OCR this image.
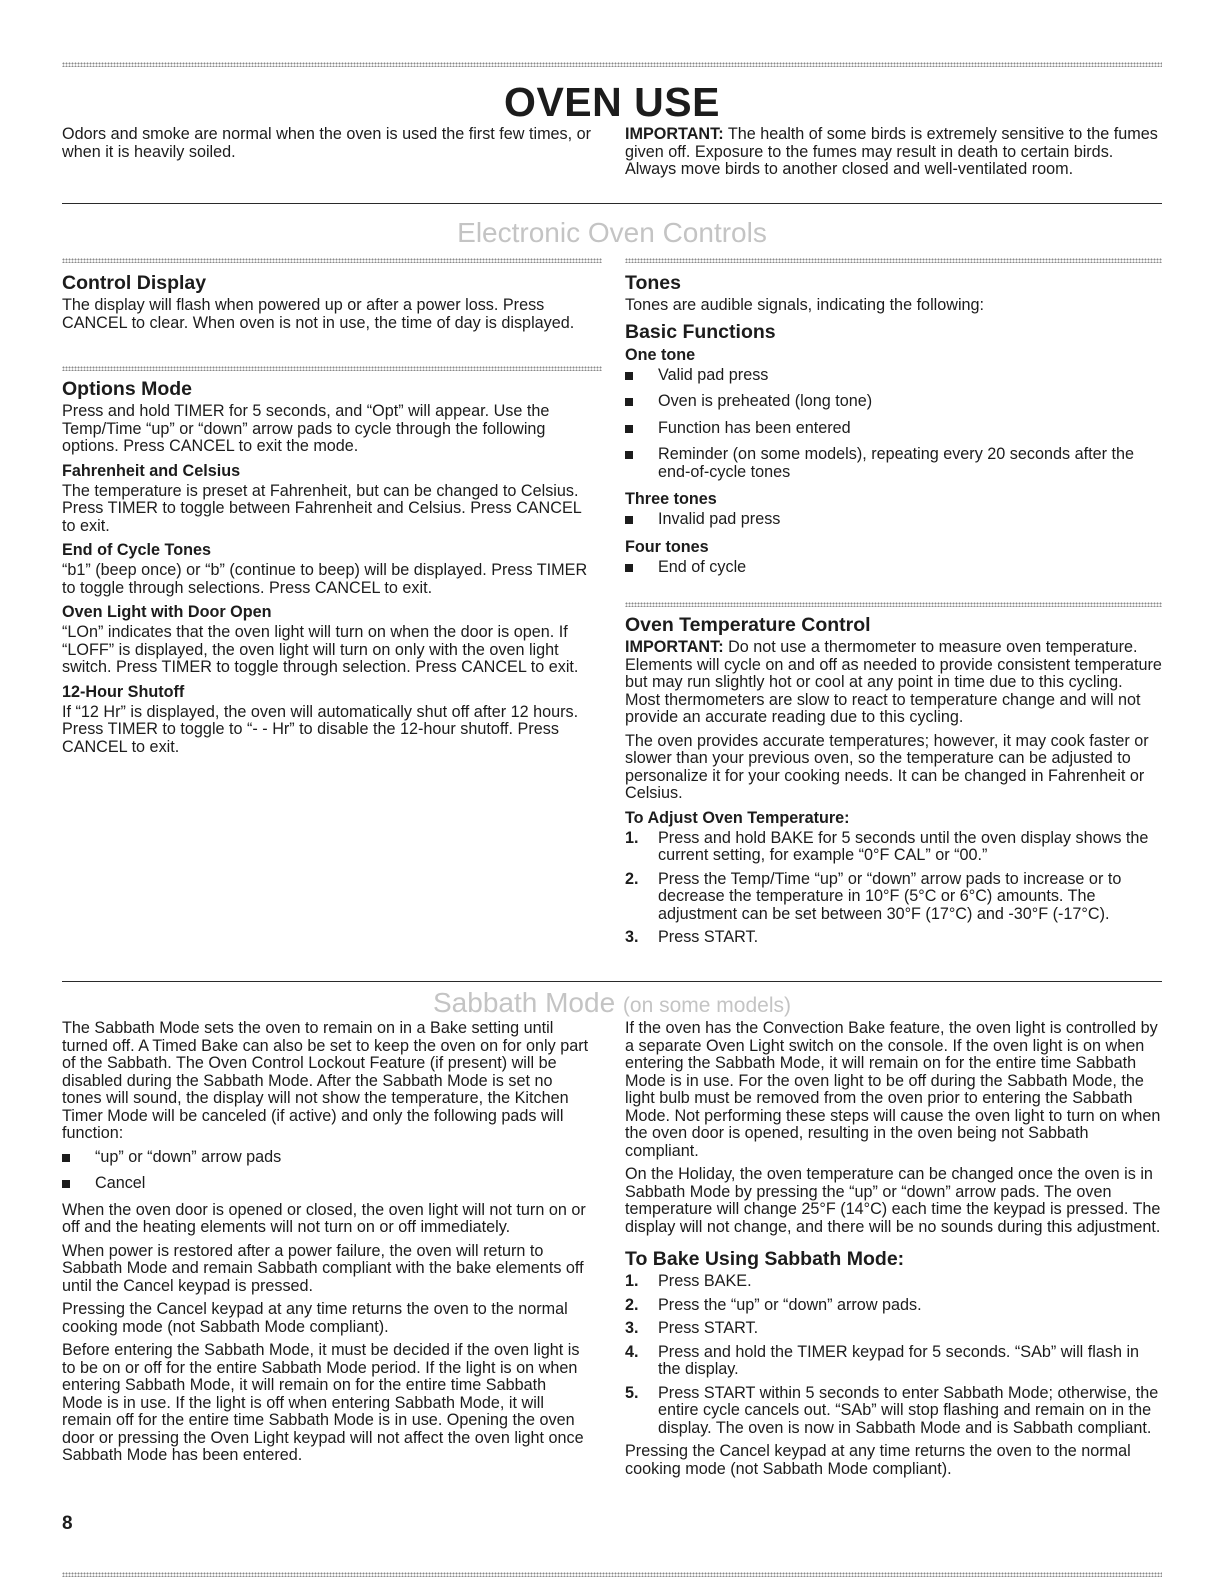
OVEN USE

Odors and smoke are normal when the oven is used the first few times, or when it is heavily soiled.

IMPORTANT: The health of some birds is extremely sensitive to the fumes given off. Exposure to the fumes may result in death to certain birds. Always move birds to another closed and well-ventilated room.

Electronic Oven Controls
Control Display

The display will flash when powered up or after a power loss. Press CANCEL to clear. When oven is not in use, the time of day is displayed.

Options Mode

Press and hold TIMER for 5 seconds, and “Opt” will appear. Use the Temp/Time “up” or “down” arrow pads to cycle through the following options. Press CANCEL to exit the mode.

Fahrenheit and Celsius

The temperature is preset at Fahrenheit, but can be changed to Celsius. Press TIMER to toggle between Fahrenheit and Celsius. Press CANCEL to exit.

End of Cycle Tones

“b1” (beep once) or “b” (continue to beep) will be displayed. Press TIMER to toggle through selections. Press CANCEL to exit.

Oven Light with Door Open

“LOn” indicates that the oven light will turn on when the door is open. If “LOFF” is displayed, the oven light will turn on only with the oven light switch. Press TIMER to toggle through selection. Press CANCEL to exit.

12-Hour Shutoff

If “12 Hr” is displayed, the oven will automatically shut off after 12 hours. Press TIMER to toggle to “- - Hr” to disable the 12-hour shutoff. Press CANCEL to exit.

Tones

Tones are audible signals, indicating the following:

Basic Functions
One tone
Valid pad press
Oven is preheated (long tone)
Function has been entered
Reminder (on some models), repeating every 20 seconds after the end-of-cycle tones
Three tones
Invalid pad press
Four tones
End of cycle
Oven Temperature Control

IMPORTANT: Do not use a thermometer to measure oven temperature. Elements will cycle on and off as needed to provide consistent temperature but may run slightly hot or cool at any point in time due to this cycling. Most thermometers are slow to react to temperature change and will not provide an accurate reading due to this cycling.

The oven provides accurate temperatures; however, it may cook faster or slower than your previous oven, so the temperature can be adjusted to personalize it for your cooking needs. It can be changed in Fahrenheit or Celsius.

To Adjust Oven Temperature:
1. Press and hold BAKE for 5 seconds until the oven display shows the current setting, for example “0°F CAL” or “00.”
2. Press the Temp/Time “up” or “down” arrow pads to increase or to decrease the temperature in 10°F (5°C or 6°C) amounts. The adjustment can be set between 30°F (17°C) and -30°F (-17°C).
3. Press START.
Sabbath Mode (on some models)

The Sabbath Mode sets the oven to remain on in a Bake setting until turned off. A Timed Bake can also be set to keep the oven on for only part of the Sabbath. The Oven Control Lockout Feature (if present) will be disabled during the Sabbath Mode. After the Sabbath Mode is set no tones will sound, the display will not show the temperature, the Kitchen Timer Mode will be canceled (if active) and only the following pads will function:

“up” or “down” arrow pads
Cancel

When the oven door is opened or closed, the oven light will not turn on or off and the heating elements will not turn on or off immediately.

When power is restored after a power failure, the oven will return to Sabbath Mode and remain Sabbath compliant with the bake elements off until the Cancel keypad is pressed.

Pressing the Cancel keypad at any time returns the oven to the normal cooking mode (not Sabbath Mode compliant).

Before entering the Sabbath Mode, it must be decided if the oven light is to be on or off for the entire Sabbath Mode period. If the light is on when entering Sabbath Mode, it will remain on for the entire time Sabbath Mode is in use. If the light is off when entering Sabbath Mode, it will remain off for the entire time Sabbath Mode is in use. Opening the oven door or pressing the Oven Light keypad will not affect the oven light once Sabbath Mode has been entered.

If the oven has the Convection Bake feature, the oven light is controlled by a separate Oven Light switch on the console. If the oven light is on when entering the Sabbath Mode, it will remain on for the entire time Sabbath Mode is in use. For the oven light to be off during the Sabbath Mode, the light bulb must be removed from the oven prior to entering the Sabbath Mode. Not performing these steps will cause the oven light to turn on when the oven door is opened, resulting in the oven being not Sabbath compliant.

On the Holiday, the oven temperature can be changed once the oven is in Sabbath Mode by pressing the “up” or “down” arrow pads. The oven temperature will change 25°F (14°C) each time the keypad is pressed. The display will not change, and there will be no sounds during this adjustment.

To Bake Using Sabbath Mode:
1. Press BAKE.
2. Press the “up” or “down” arrow pads.
3. Press START.
4. Press and hold the TIMER keypad for 5 seconds. “SAb” will flash in the display.
5. Press START within 5 seconds to enter Sabbath Mode; otherwise, the entire cycle cancels out. “SAb” will stop flashing and remain on in the display. The oven is now in Sabbath Mode and is Sabbath compliant.

Pressing the Cancel keypad at any time returns the oven to the normal cooking mode (not Sabbath Mode compliant).

8
